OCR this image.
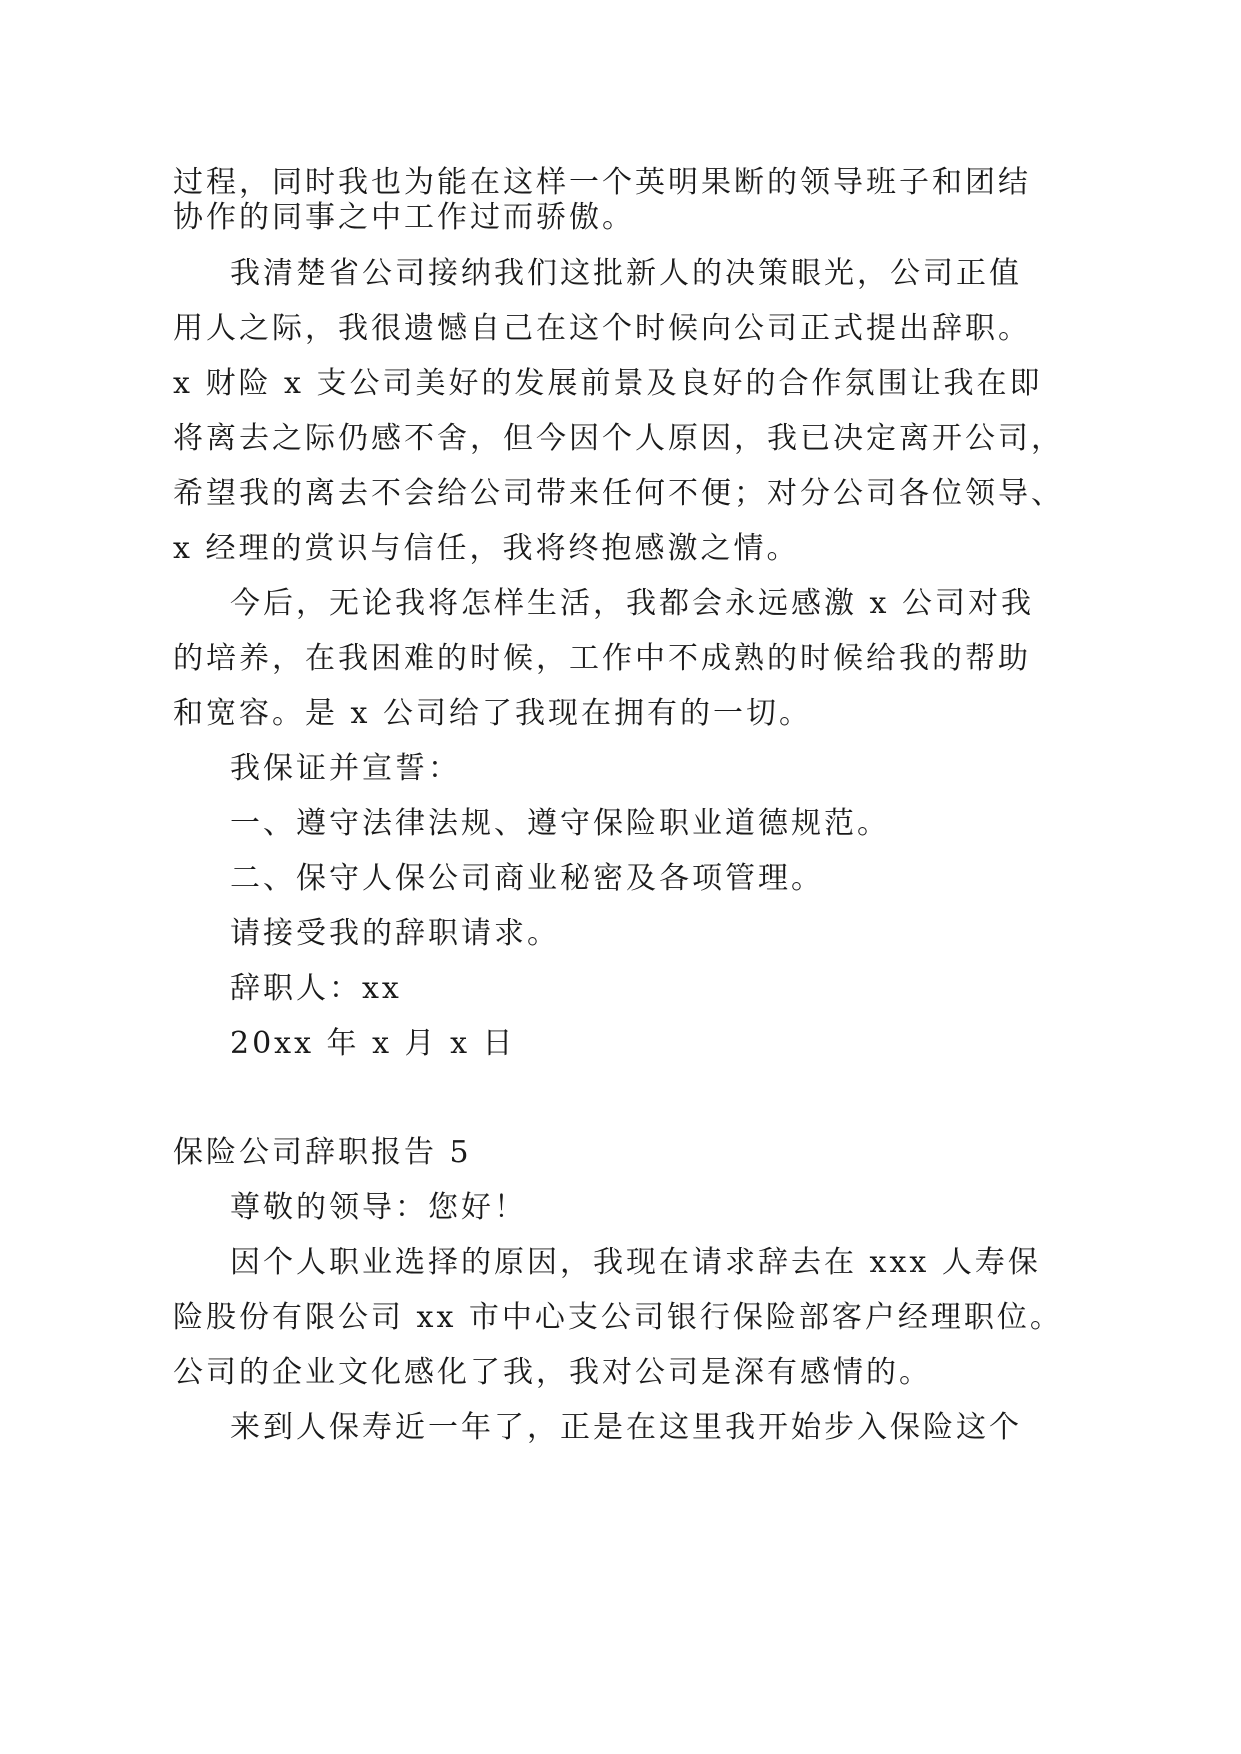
过程，同时我也为能在这样一个英明果断的领导班子和团结
协作的同事之中工作过而骄傲。
我清楚省公司接纳我们这批新人的决策眼光，公司正值
用人之际，我很遗憾自己在这个时候向公司正式提出辞职。
x 财险 x 支公司美好的发展前景及良好的合作氛围让我在即
将离去之际仍感不舍，但今因个人原因，我已决定离开公司，
希望我的离去不会给公司带来任何不便；对分公司各位领导、
x 经理的赏识与信任，我将终抱感激之情。
今后，无论我将怎样生活，我都会永远感激 x 公司对我
的培养，在我困难的时候，工作中不成熟的时候给我的帮助
和宽容。是 x 公司给了我现在拥有的一切。
我保证并宣誓：
一、遵守法律法规、遵守保险职业道德规范。
二、保守人保公司商业秘密及各项管理。
请接受我的辞职请求。
辞职人：xx
20xx 年 x 月 x 日
保险公司辞职报告 5
尊敬的领导：您好！
因个人职业选择的原因，我现在请求辞去在 xxx 人寿保
险股份有限公司 xx 市中心支公司银行保险部客户经理职位。
公司的企业文化感化了我，我对公司是深有感情的。
来到人保寿近一年了，正是在这里我开始步入保险这个
